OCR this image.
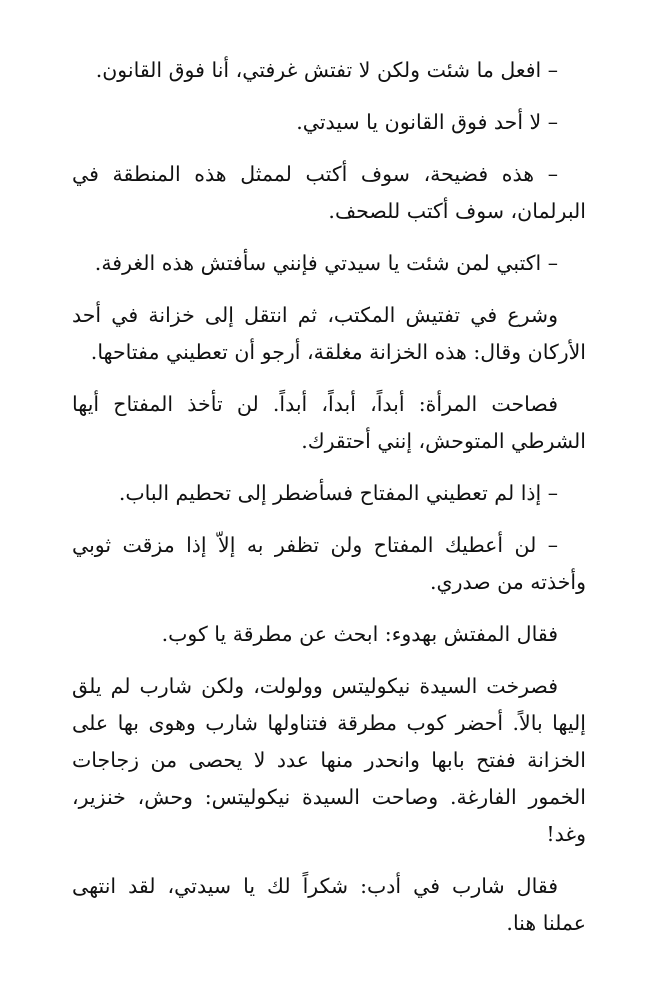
– افعل ما شئت ولكن لا تفتش غرفتي، أنا فوق القانون.

– لا أحد فوق القانون يا سيدتي.

– هذه فضيحة، سوف أكتب لممثل هذه المنطقة في البرلمان، سوف أكتب للصحف.

– اكتبي لمن شئت يا سيدتي فإنني سأفتش هذه الغرفة.

وشرع في تفتيش المكتب، ثم انتقل إلى خزانة في أحد الأركان وقال: هذه الخزانة مغلقة، أرجو أن تعطيني مفتاحها.

فصاحت المرأة: أبداً، أبداً، أبداً. لن تأخذ المفتاح أيها الشرطي المتوحش، إنني أحتقرك.

– إذا لم تعطيني المفتاح فسأضطر إلى تحطيم الباب.

– لن أعطيك المفتاح ولن تظفر به إلاّ إذا مزقت ثوبي وأخذته من صدري.

فقال المفتش بهدوء: ابحث عن مطرقة يا كوب.

فصرخت السيدة نيكوليتس وولولت، ولكن شارب لم يلق إليها بالاً. أحضر كوب مطرقة فتناولها شارب وهوى بها على الخزانة ففتح بابها وانحدر منها عدد لا يحصى من زجاجات الخمور الفارغة. وصاحت السيدة نيكوليتس: وحش، خنزير، وغد!

فقال شارب في أدب: شكراً لك يا سيدتي، لقد انتهى عملنا هنا.
